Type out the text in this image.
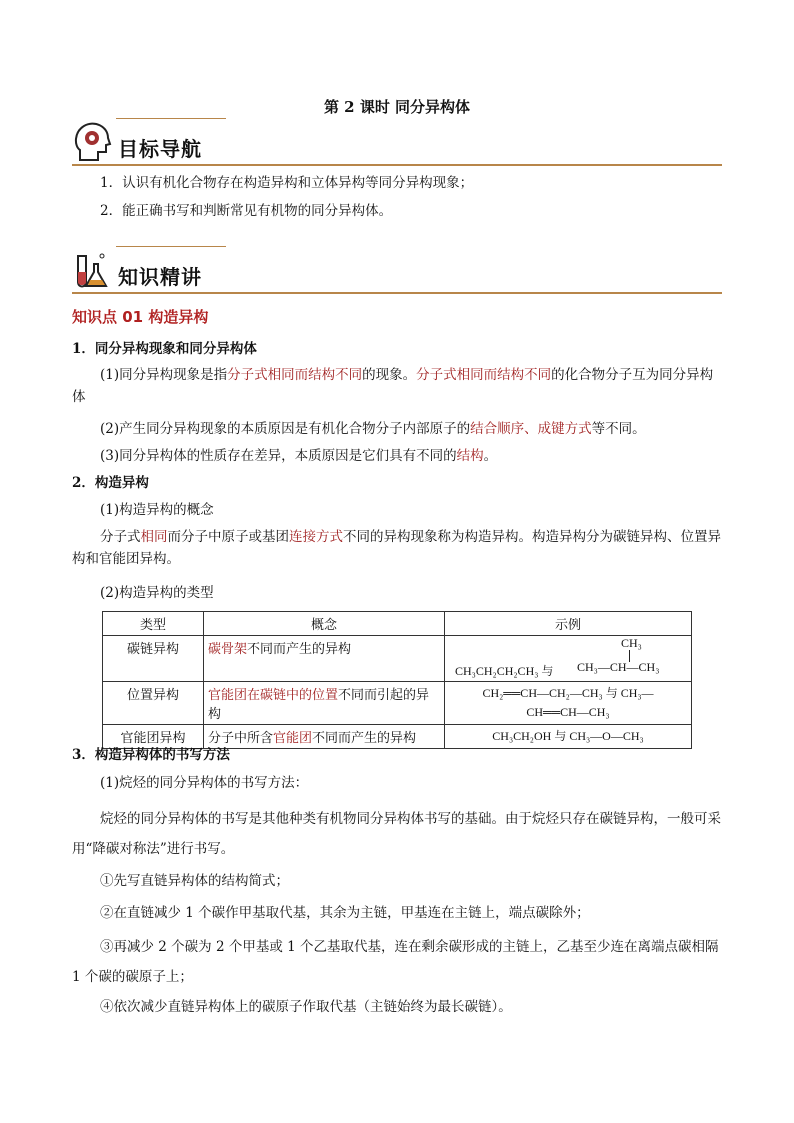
第 2 课时 同分异构体
目标导航
1．认识有机化合物存在构造异构和立体异构等同分异构现象；
2．能正确书写和判断常见有机物的同分异构体。
知识精讲
知识点 01 构造异构
1．同分异构现象和同分异构体
(1)同分异构现象是指分子式相同而结构不同的现象。分子式相同而结构不同的化合物分子互为同分异构体
(2)产生同分异构现象的本质原因是有机化合物分子内部原子的结合顺序、成键方式等不同。
(3)同分异构体的性质存在差异，本质原因是它们具有不同的结构。
2．构造异构
(1)构造异构的概念
分子式相同而分子中原子或基团连接方式不同的异构现象称为构造异构。构造异构分为碳链异构、位置异构和官能团异构。
(2)构造异构的类型
类型	概念	示例
碳链异构	碳骨架不同而产生的异构	CH₃
CH₃CH₂CH₂CH₃ 与 CH₃—CH—CH₃

位置异构	官能团在碳链中的位置不同而引起的异构	CH₂══CH—CH₂—CH₃ 与 CH₃—
CH══CH—CH₃

官能团异构	分子中所含官能团不同而产生的异构	CH₃CH₂OH 与 CH₃—O—CH₃
3．构造异构体的书写方法
(1)烷烃的同分异构体的书写方法：
烷烃的同分异构体的书写是其他种类有机物同分异构体书写的基础。由于烷烃只存在碳链异构，一般可采用“降碳对称法”进行书写。
①先写直链异构体的结构简式；
②在直链减少 1 个碳作甲基取代基，其余为主链，甲基连在主链上，端点碳除外；
③再减少 2 个碳为 2 个甲基或 1 个乙基取代基，连在剩余碳形成的主链上，乙基至少连在离端点碳相隔 1 个碳的碳原子上；
④依次减少直链异构体上的碳原子作取代基（主链始终为最长碳链）。
